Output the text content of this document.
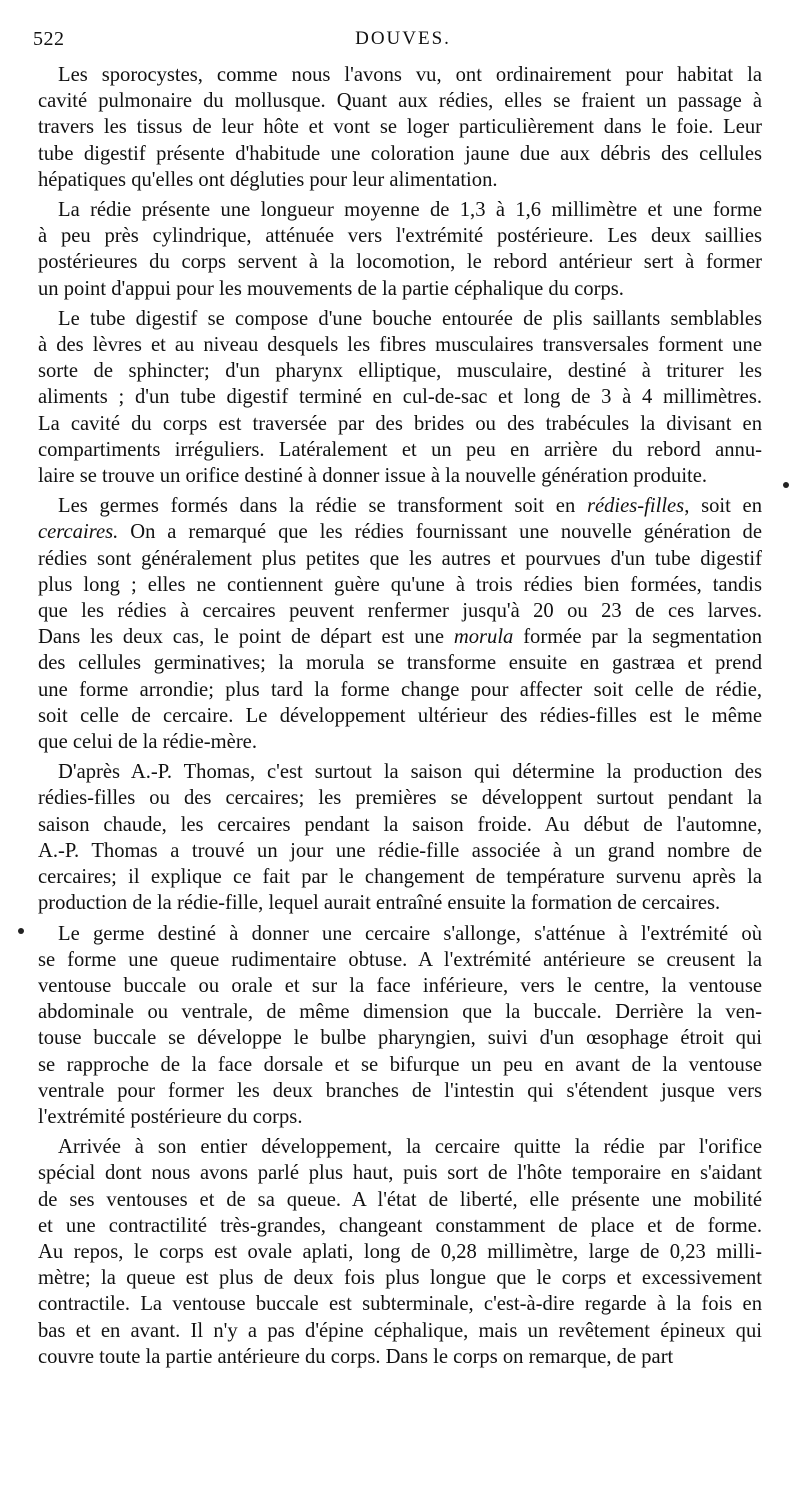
522	DOUVES.
Les sporocystes, comme nous l'avons vu, ont ordinairement pour habitat la
cavité pulmonaire du mollusque. Quant aux rédies, elles se fraient un passage à
travers les tissus de leur hôte et vont se loger particulièrement dans le foie. Leur
tube digestif présente d'habitude une coloration jaune due aux débris des cellules
hépatiques qu'elles ont dégluties pour leur alimentation.
La rédie présente une longueur moyenne de 1,3 à 1,6 millimètre et une forme
à peu près cylindrique, atténuée vers l'extrémité postérieure. Les deux saillies
postérieures du corps servent à la locomotion, le rebord antérieur sert à former
un point d'appui pour les mouvements de la partie céphalique du corps.
Le tube digestif se compose d'une bouche entourée de plis saillants semblables
à des lèvres et au niveau desquels les fibres musculaires transversales forment une
sorte de sphincter; d'un pharynx elliptique, musculaire, destiné à triturer les
aliments ; d'un tube digestif terminé en cul-de-sac et long de 3 à 4 millimètres.
La cavité du corps est traversée par des brides ou des trabécules la divisant en
compartiments irréguliers. Latéralement et un peu en arrière du rebord annu-
laire se trouve un orifice destiné à donner issue à la nouvelle génération produite.
Les germes formés dans la rédie se transforment soit en rédies-filles, soit en
cercaires. On a remarqué que les rédies fournissant une nouvelle génération de
rédies sont généralement plus petites que les autres et pourvues d'un tube digestif
plus long ; elles ne contiennent guère qu'une à trois rédies bien formées, tandis
que les rédies à cercaires peuvent renfermer jusqu'à 20 ou 23 de ces larves.
Dans les deux cas, le point de départ est une morula formée par la segmentation
des cellules germinatives; la morula se transforme ensuite en gastræa et prend
une forme arrondie; plus tard la forme change pour affecter soit celle de rédie,
soit celle de cercaire. Le développement ultérieur des rédies-filles est le même
que celui de la rédie-mère.
D'après A.-P. Thomas, c'est surtout la saison qui détermine la production des
rédies-filles ou des cercaires; les premières se développent surtout pendant la
saison chaude, les cercaires pendant la saison froide. Au début de l'automne,
A.-P. Thomas a trouvé un jour une rédie-fille associée à un grand nombre de
cercaires; il explique ce fait par le changement de température survenu après la
production de la rédie-fille, lequel aurait entraîné ensuite la formation de cercaires.
Le germe destiné à donner une cercaire s'allonge, s'atténue à l'extrémité où
se forme une queue rudimentaire obtuse. A l'extrémité antérieure se creusent la
ventouse buccale ou orale et sur la face inférieure, vers le centre, la ventouse
abdominale ou ventrale, de même dimension que la buccale. Derrière la ven-
touse buccale se développe le bulbe pharyngien, suivi d'un œsophage étroit qui
se rapproche de la face dorsale et se bifurque un peu en avant de la ventouse
ventrale pour former les deux branches de l'intestin qui s'étendent jusque vers
l'extrémité postérieure du corps.
Arrivée à son entier développement, la cercaire quitte la rédie par l'orifice
spécial dont nous avons parlé plus haut, puis sort de l'hôte temporaire en s'aidant
de ses ventouses et de sa queue. A l'état de liberté, elle présente une mobilité
et une contractilité très-grandes, changeant constamment de place et de forme.
Au repos, le corps est ovale aplati, long de 0,28 millimètre, large de 0,23 milli-
mètre; la queue est plus de deux fois plus longue que le corps et excessivement
contractile. La ventouse buccale est subterminale, c'est-à-dire regarde à la fois en
bas et en avant. Il n'y a pas d'épine céphalique, mais un revêtement épineux qui
couvre toute la partie antérieure du corps. Dans le corps on remarque, de part
